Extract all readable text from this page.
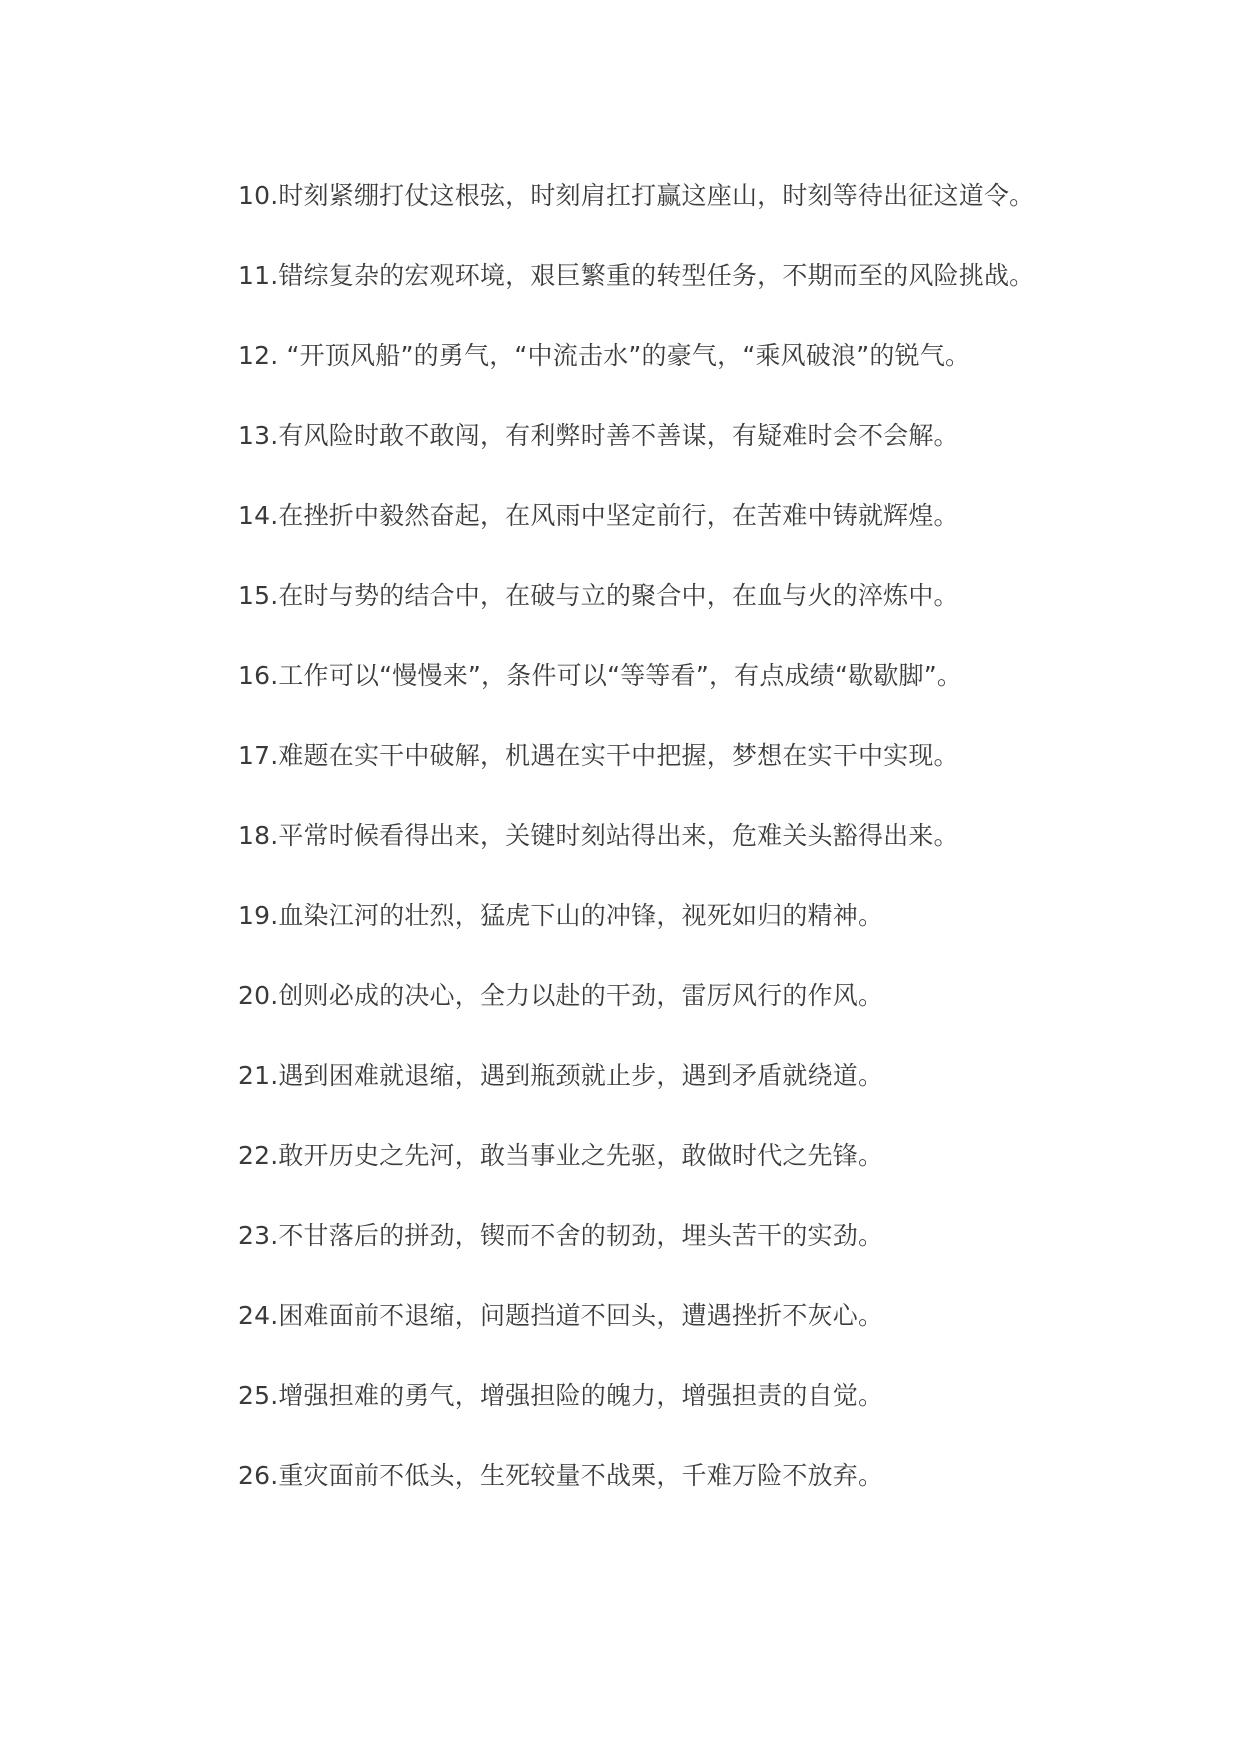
10.时刻紧绷打仗这根弦，时刻肩扛打赢这座山，时刻等待出征这道令。
11.错综复杂的宏观环境，艰巨繁重的转型任务，不期而至的风险挑战。
12. “开顶风船”的勇气，“中流击水”的豪气，“乘风破浪”的锐气。
13.有风险时敢不敢闯，有利弊时善不善谋，有疑难时会不会解。
14.在挫折中毅然奋起，在风雨中坚定前行，在苦难中铸就辉煌。
15.在时与势的结合中，在破与立的聚合中，在血与火的淬炼中。
16.工作可以“慢慢来”，条件可以“等等看”，有点成绩“歇歇脚”。
17.难题在实干中破解，机遇在实干中把握，梦想在实干中实现。
18.平常时候看得出来，关键时刻站得出来，危难关头豁得出来。
19.血染江河的壮烈，猛虎下山的冲锋，视死如归的精神。
20.创则必成的决心，全力以赴的干劲，雷厉风行的作风。
21.遇到困难就退缩，遇到瓶颈就止步，遇到矛盾就绕道。
22.敢开历史之先河，敢当事业之先驱，敢做时代之先锋。
23.不甘落后的拼劲，锲而不舍的韧劲，埋头苦干的实劲。
24.困难面前不退缩，问题挡道不回头，遭遇挫折不灰心。
25.增强担难的勇气，增强担险的魄力，增强担责的自觉。
26.重灾面前不低头，生死较量不战栗，千难万险不放弃。
